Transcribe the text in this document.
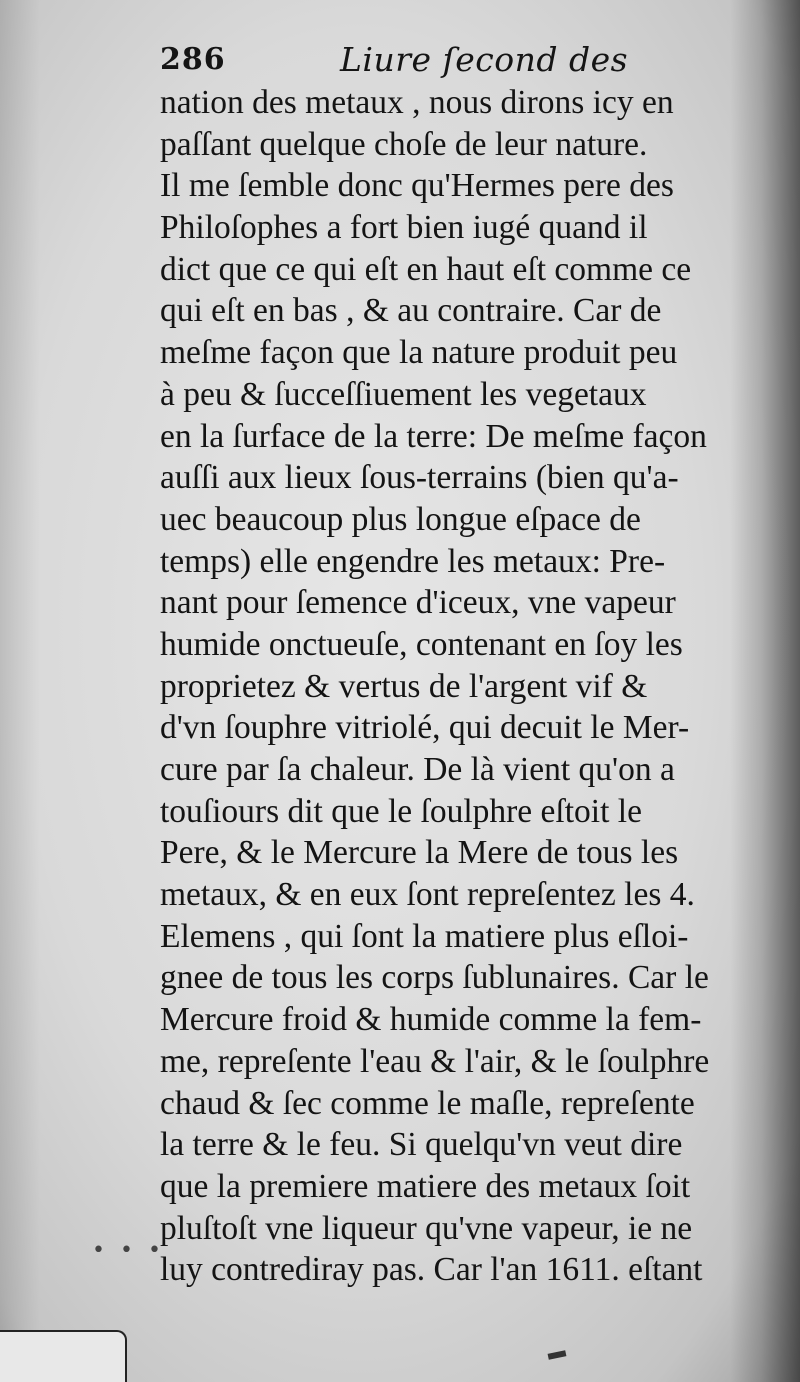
286	Liure ſecond des
nation des metaux , nous dirons icy en
paſſant quelque choſe de leur nature.
Il me ſemble donc qu'Hermes pere des
Philoſophes a fort bien iugé quand il
dict que ce qui eſt en haut eſt comme ce
qui eſt en bas , & au contraire. Car de
meſme façon que la nature produit peu
à peu & ſucceſſiuement les vegetaux
en la ſurface de la terre: De meſme façon
auſſi aux lieux ſous-terrains (bien qu'a-
uec beaucoup plus longue eſpace de
temps) elle engendre les metaux: Pre-
nant pour ſemence d'iceux, vne vapeur
humide onctueuſe, contenant en ſoy les
proprietez & vertus de l'argent vif &
d'vn ſouphre vitriolé, qui decuit le Mer-
cure par ſa chaleur. De là vient qu'on a
touſiours dit que le ſoulphre eſtoit le
Pere, & le Mercure la Mere de tous les
metaux, & en eux ſont repreſentez les 4.
Elemens , qui ſont la matiere plus eſloi-
gnee de tous les corps ſublunaires. Car le
Mercure froid & humide comme la fem-
me, repreſente l'eau & l'air, & le ſoulphre
chaud & ſec comme le maſle, repreſente
la terre & le feu. Si quelqu'vn veut dire
que la premiere matiere des metaux ſoit
pluſtoſt vne liqueur qu'vne vapeur, ie ne
luy contrediray pas. Car l'an 1611. eſtant
• • •
